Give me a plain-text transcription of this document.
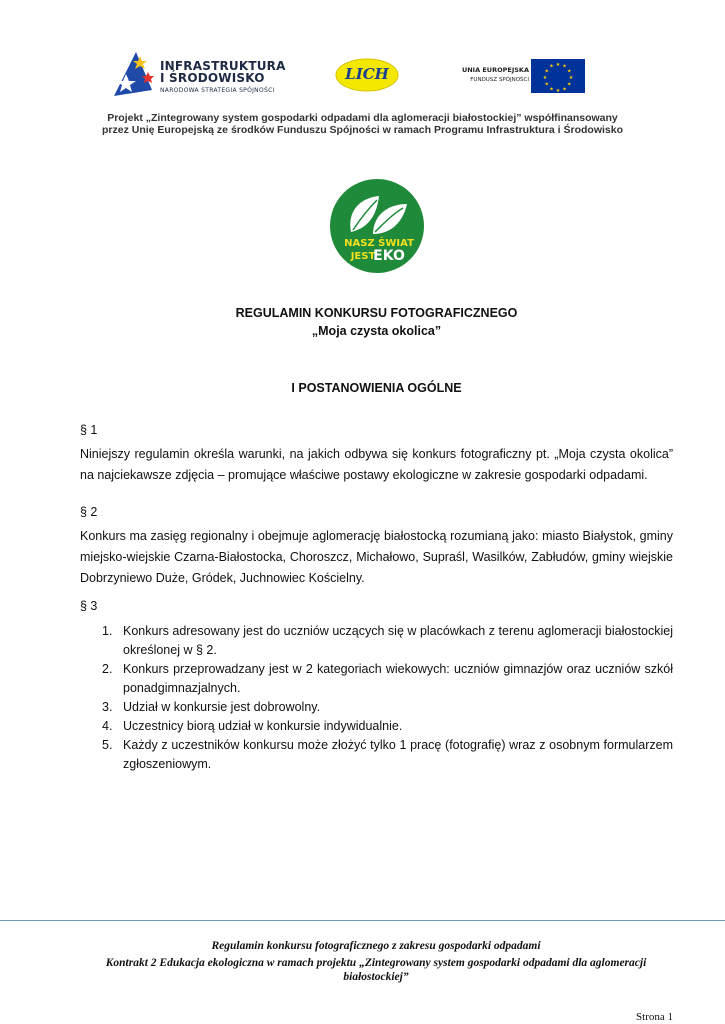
INFRASTRUKTURA
I ŚRODOWISKO
NARODOWA STRATEGIA SPÓJNOŚCI
LICH	UNIA EUROPEJSKA
FUNDUSZ SPÓJNOŚCI
★ ★
★
★
★
★
★
★
★
★
★
★
Projekt „Zintegrowany system gospodarki odpadami dla aglomeracji białostockiej” współfinansowany
przez Unię Europejską ze środków Funduszu Spójności w ramach Programu Infrastruktura i Środowisko
NASZ ŚWIAT
JEST
EKO
REGULAMIN KONKURSU FOTOGRAFICZNEGO
„Moja czysta okolica”
I POSTANOWIENIA OGÓLNE
§ 1
Niniejszy regulamin określa warunki, na jakich odbywa się konkurs fotograficzny pt. „Moja czysta okolica” na najciekawsze zdjęcia – promujące właściwe postawy ekologiczne w zakresie gospodarki odpadami.
§ 2
Konkurs ma zasięg regionalny i obejmuje aglomerację białostocką rozumianą jako: miasto Białystok, gminy miejsko-wiejskie Czarna-Białostocka, Choroszcz, Michałowo, Supraśl, Wasilków, Zabłudów, gminy wiejskie Dobrzyniewo Duże, Gródek, Juchnowiec Kościelny.
§ 3
1. Konkurs adresowany jest do uczniów uczących się w placówkach z terenu aglomeracji białostockiej określonej w § 2.
2. Konkurs przeprowadzany jest w 2 kategoriach wiekowych: uczniów gimnazjów oraz uczniów szkół ponadgimnazjalnych.
3. Udział w konkursie jest dobrowolny.
4. Uczestnicy biorą udział w konkursie indywidualnie.
5. Każdy z uczestników konkursu może złożyć tylko 1 pracę (fotografię) wraz z osobnym formularzem zgłoszeniowym.
Regulamin konkursu fotograficznego z zakresu gospodarki odpadami
Kontrakt 2 Edukacja ekologiczna w ramach projektu „Zintegrowany system gospodarki odpadami dla aglomeracji
białostockiej”
Strona 1
